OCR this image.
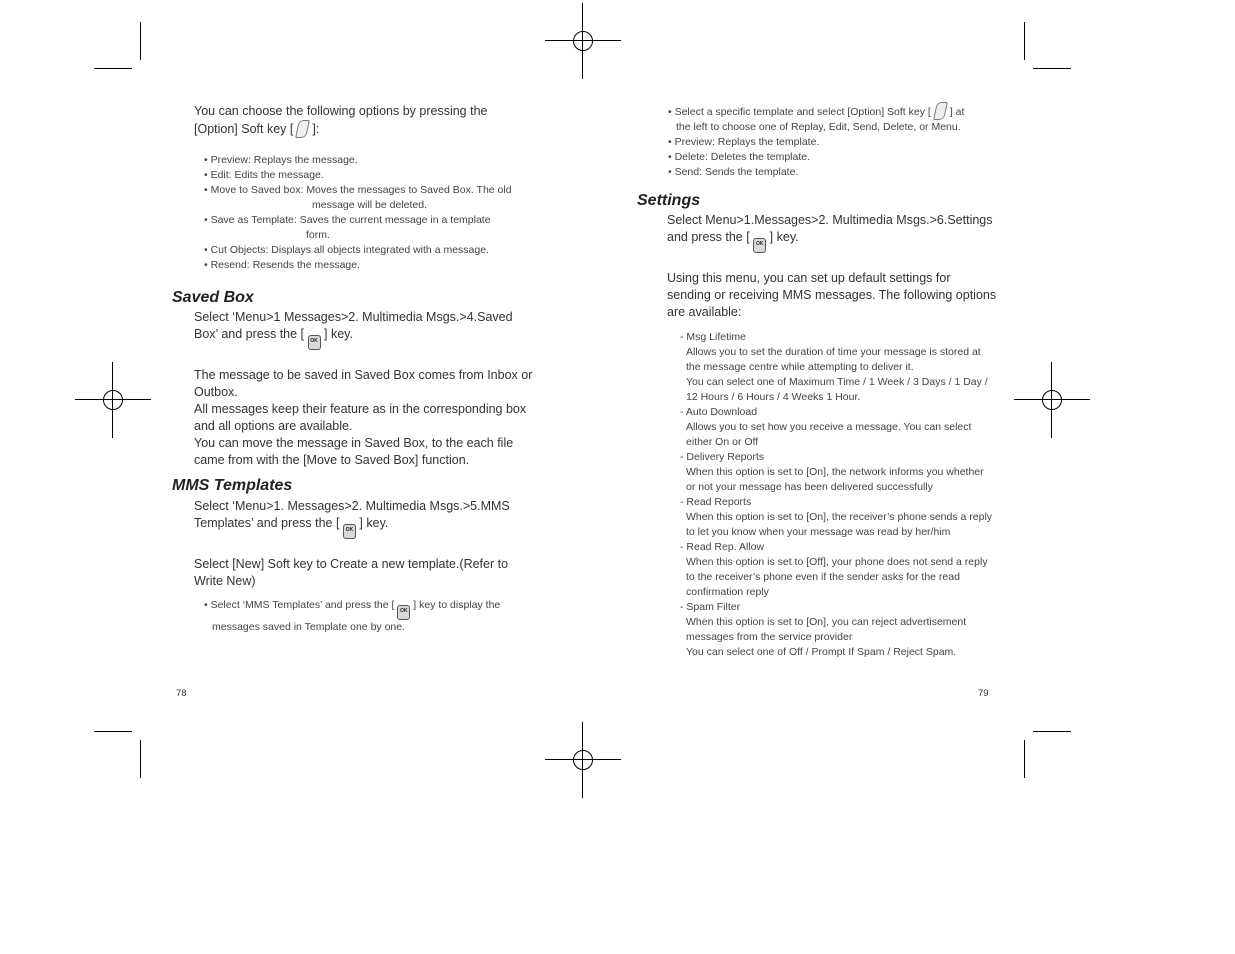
You can choose the following options by pressing the
[Option] Soft key [ ]:
• Preview: Replays the message.
• Edit: Edits the message.
• Move to Saved box: Moves the messages to Saved Box. The old
message will be deleted.
• Save as Template: Saves the current message in a template
form.
• Cut Objects: Displays all objects integrated with a message.
• Resend: Resends the message.
Saved Box
Select ‘Menu>1 Messages>2. Multimedia Msgs.>4.Saved
Box’ and press the [ OK ] key.
The message to be saved in Saved Box comes from Inbox or
Outbox.
All messages keep their feature as in the corresponding box
and all options are available.
You can move the message in Saved Box, to the each file
came from with the [Move to Saved Box] function.
MMS Templates
Select ‘Menu>1. Messages>2. Multimedia Msgs.>5.MMS
Templates’ and press the [ OK ] key.
Select [New] Soft key to Create a new template.(Refer to
Write New)
• Select ‘MMS Templates’ and press the [ OK ] key to display the
messages saved in Template one by one.
78
• Select a specific template and select [Option] Soft key [ ] at
the left to choose one of Replay, Edit, Send, Delete, or Menu.
• Preview: Replays the template.
• Delete: Deletes the template.
• Send: Sends the template.
Settings
Select Menu>1.Messages>2. Multimedia Msgs.>6.Settings
and press the [ OK ] key.
Using this menu, you can set up default settings for
sending or receiving MMS messages. The following options
are available:
- Msg Lifetime
Allows you to set the duration of time your message is stored at
the message centre while attempting to deliver it.
You can select one of Maximum Time / 1 Week / 3 Days / 1 Day /
12 Hours / 6 Hours / 4 Weeks 1 Hour.
- Auto Download
Allows you to set how you receive a message. You can select
either On or Off
- Delivery Reports
When this option is set to [On], the network informs you whether
or not your message has been delivered successfully
- Read Reports
When this option is set to [On], the receiver’s phone sends a reply
to let you know when your message was read by her/him
- Read Rep. Allow
When this option is set to [Off], your phone does not send a reply
to the receiver’s phone even if the sender asks for the read
confirmation reply
- Spam Filter
When this option is set to [On], you can reject advertisement
messages from the service provider
You can select one of Off / Prompt If Spam / Reject Spam.
79
